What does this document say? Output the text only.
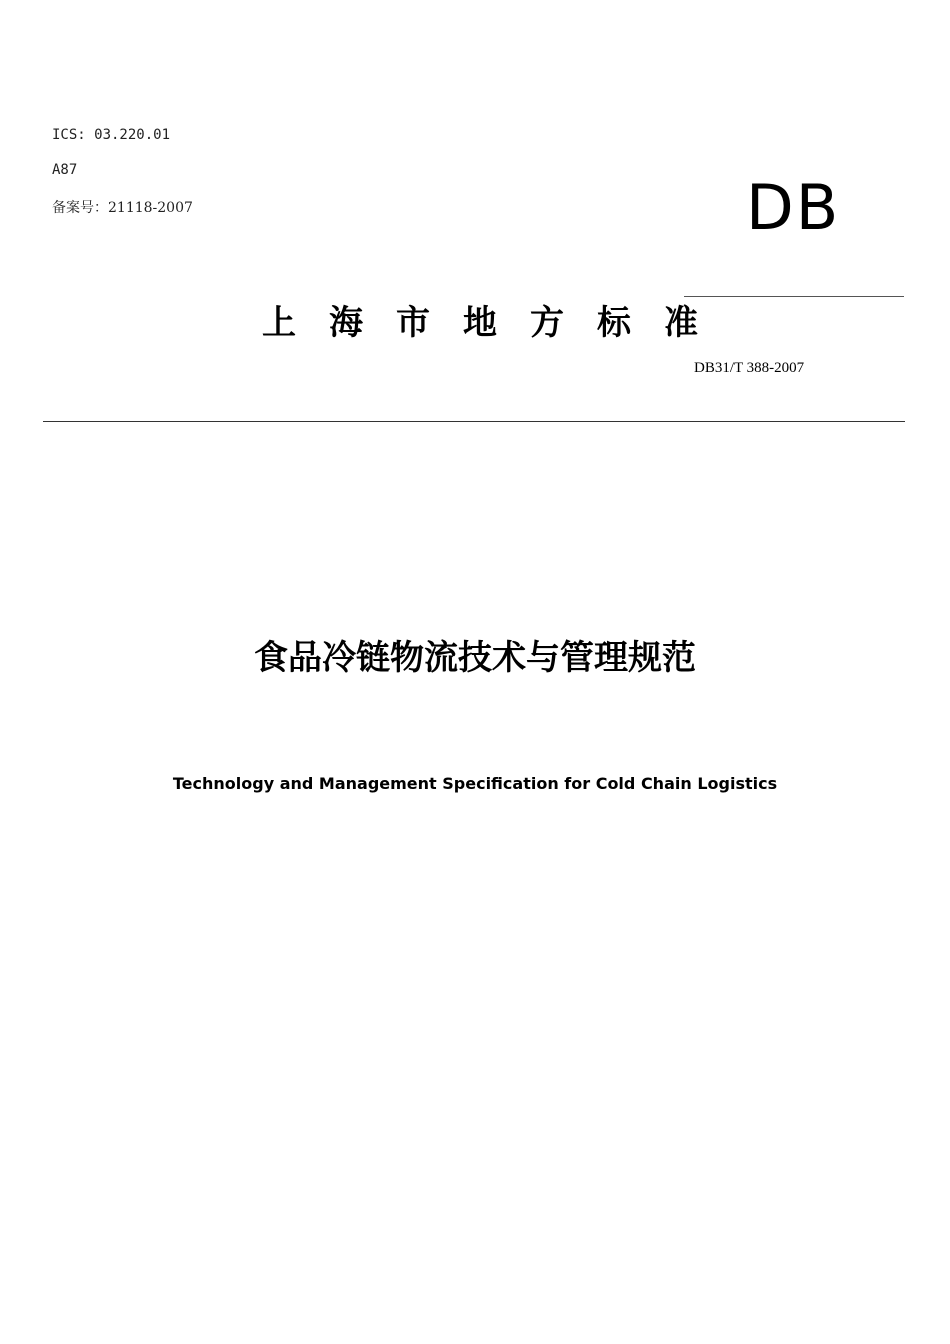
ICS: 03.220.01
A87
备案号：21118-2007	DB
上海市地方标准
DB31/T 388-2007
食品冷链物流技术与管理规范
Technology and Management Specification for Cold Chain Logistics
